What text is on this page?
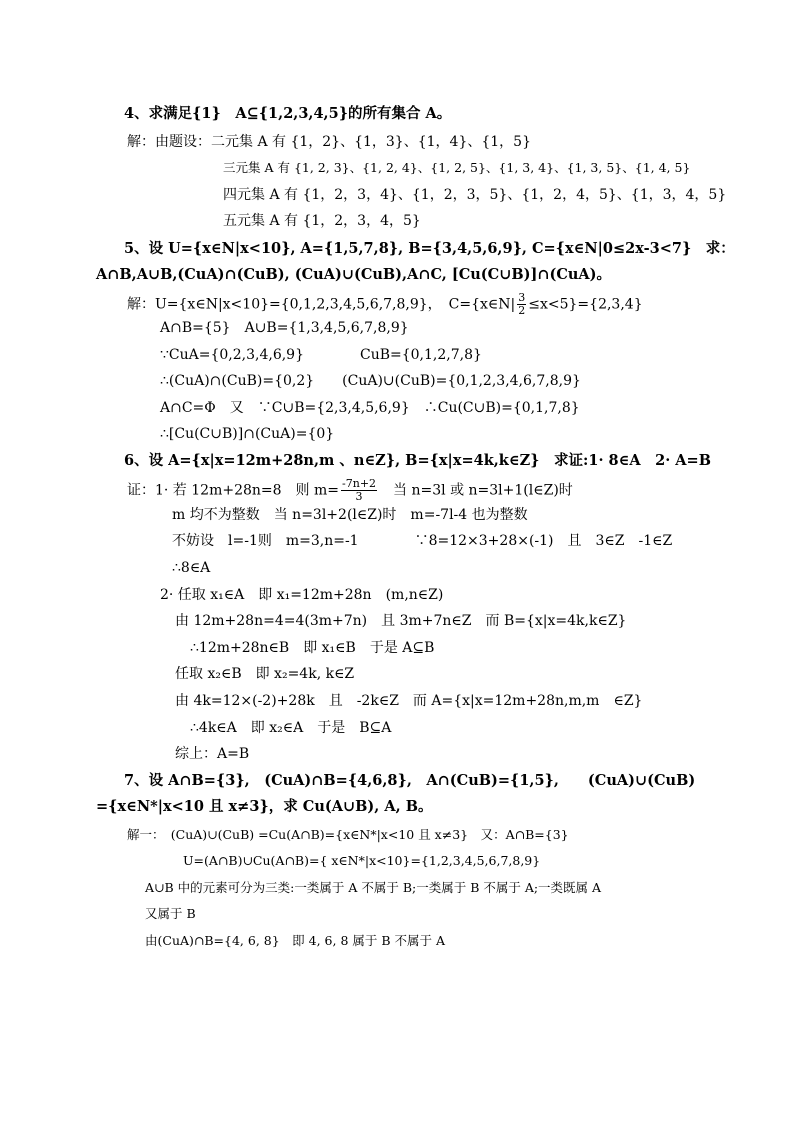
4、求满足{1}　A⊆{1,2,3,4,5}的所有集合 A。
解：由题设：二元集 A 有 {1，2}、{1，3}、{1，4}、{1，5}
三元集 A 有 {1, 2, 3}、{1, 2, 4}、{1, 2, 5}、{1, 3, 4}、{1, 3, 5}、{1, 4, 5}
四元集 A 有 {1，2，3，4}、{1，2，3，5}、{1，2，4，5}、{1，3，4，5}
五元集 A 有 {1，2，3，4，5}
5、设 U={x∈N|x<10}, A={1,5,7,8}, B={3,4,5,6,9}, C={x∈N|0≤2x-3<7}　求：
A∩B,A∪B,(CuA)∩(CuB), (CuA)∪(CuB),A∩C, [Cu(C∪B)]∩(CuA)。
解：U={x∈N|x<10}={0,1,2,3,4,5,6,7,8,9}，　C={x∈N| $\frac{3}{2} \le x<5\}=\{2,3,4\}$
A∩B={5}　A∪B={1,3,4,5,6,7,8,9}
∵CuA={0,2,3,4,6,9}　　　　CuB={0,1,2,7,8}
∴(CuA)∩(CuB)={0,2}　　(CuA)∪(CuB)={0,1,2,3,4,6,7,8,9}
A∩C=Φ　又　∵C∪B={2,3,4,5,6,9}　∴Cu(C∪B)={0,1,7,8}
∴[Cu(C∪B)]∩(CuA)={0}
6、设 A={x|x=12m+28n,m 、n∈Z}, B={x|x=4k,k∈Z}　求证:1· 8∈A　2· A=B
证：1· 若 12m+28n=8　则 $m= \frac{-7n+2}{3}$ 　当 n=3l 或 n=3l+1(l∈Z)时
m 均不为整数　当 n=3l+2(l∈Z)时　m=-7l-4 也为整数
不妨设　l=-1则　m=3,n=-1　　　　∵8=12×3+28×(-1)　且　3∈Z　-1∈Z
∴8∈A
2· 任取 x₁∈A　即 x₁=12m+28n　(m,n∈Z)
由 12m+28n=4=4(3m+7n)　且 3m+7n∈Z　而 B={x|x=4k,k∈Z}
∴12m+28n∈B　即 x₁∈B　于是 A⊆B
任取 x₂∈B　即 x₂=4k, k∈Z
由 4k=12×(-2)+28k　且　-2k∈Z　而 A={x|x=12m+28n,m,m　∈Z}
∴4k∈A　即 x₂∈A　于是　B⊆A
综上：A=B
7、设 A∩B={3},　(CuA)∩B={4,6,8},　A∩(CuB)={1,5},　　(CuA)∪(CuB)
={x∈N*|x<10 且 x≠3}，求 Cu(A∪B), A, B。
解一：　(CuA)∪(CuB) =Cu(A∩B)={x∈N*|x<10 且 x≠3}　又：A∩B={3}
U=(A∩B)∪Cu(A∩B)={ x∈N*|x<10}={1,2,3,4,5,6,7,8,9}
A∪B 中的元素可分为三类:一类属于 A 不属于 B;一类属于 B 不属于 A;一类既属 A
又属于 B
由(CuA)∩B={4, 6, 8}　即 4, 6, 8 属于 B 不属于 A
